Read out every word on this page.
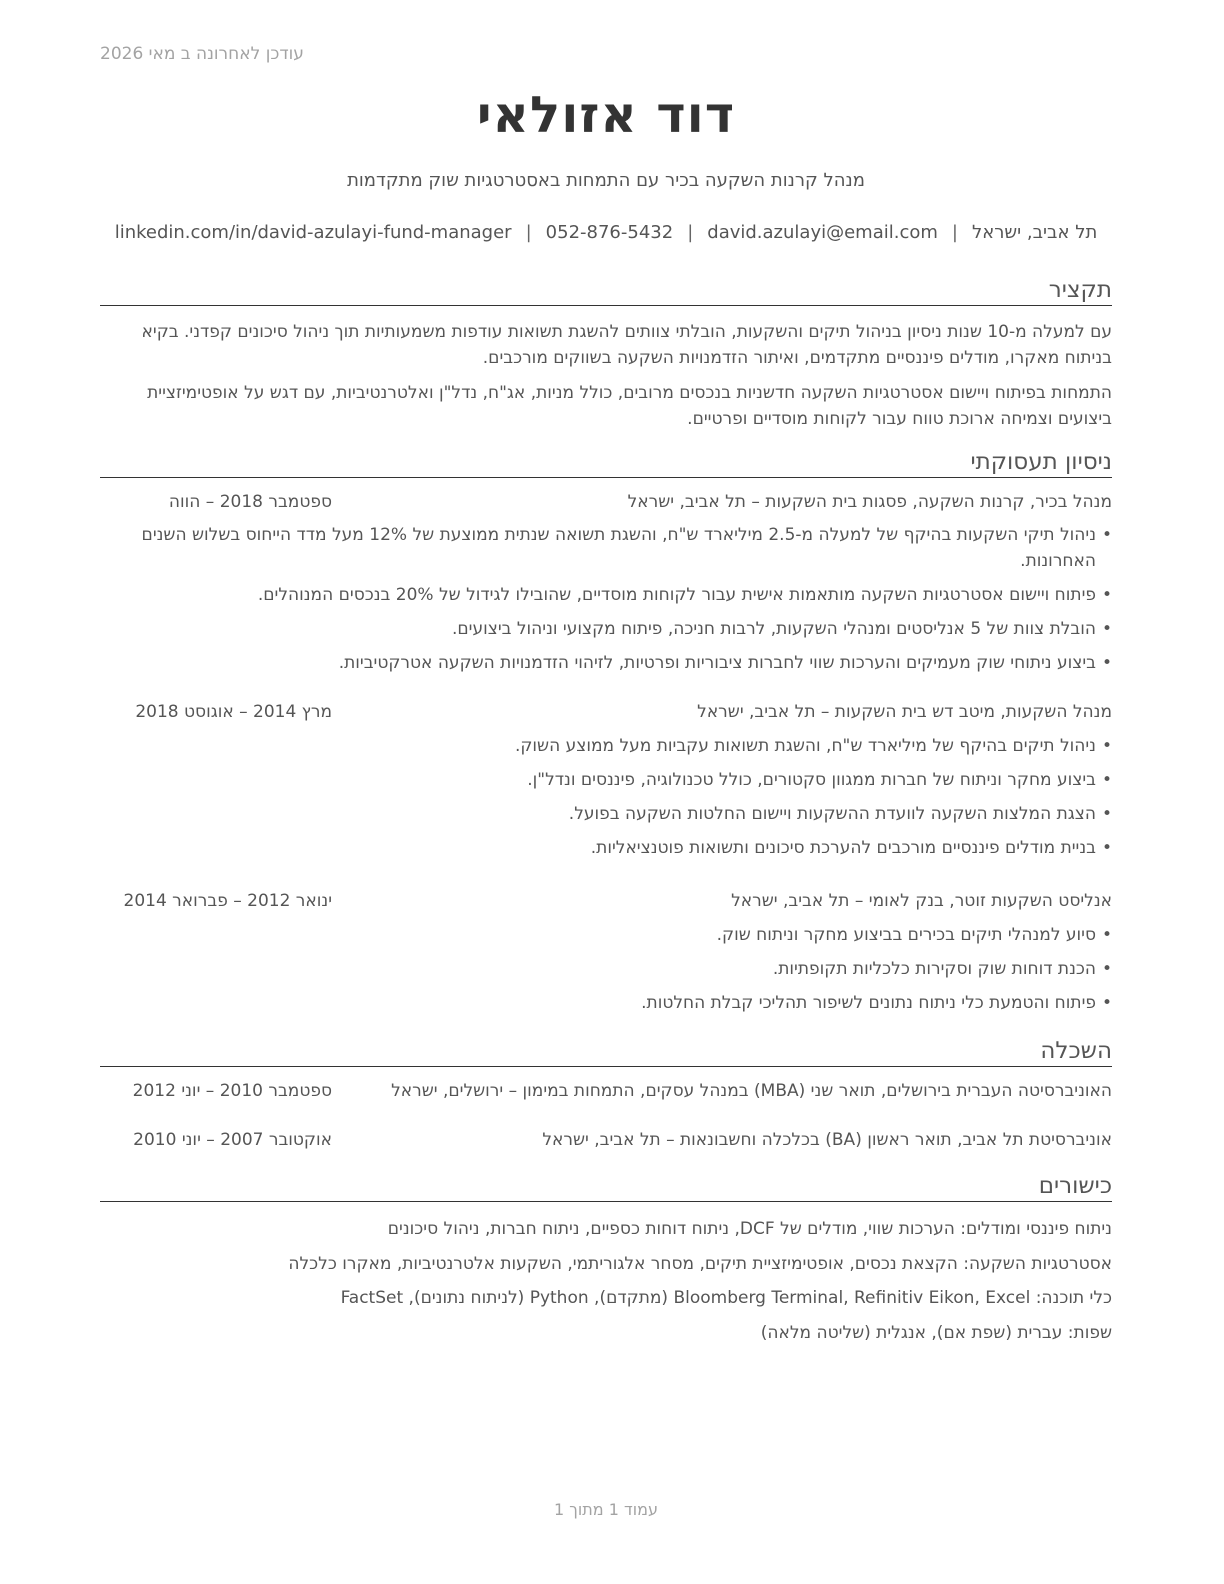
עודכן לאחרונה ב מאי 2026
דוד אזולאי
מנהל קרנות השקעה בכיר עם התמחות באסטרטגיות שוק מתקדמות
תל אביב, ישראל|david.azulayi@email.com|052-876-5432|linkedin.com/in/david-azulayi-fund-manager
תקציר

עם למעלה מ-10 שנות ניסיון בניהול תיקים והשקעות, הובלתי צוותים להשגת תשואות עודפות משמעותיות תוך ניהול סיכונים קפדני. בקיא בניתוח מאקרו, מודלים פיננסיים מתקדמים, ואיתור הזדמנויות השקעה בשווקים מורכבים.

התמחות בפיתוח ויישום אסטרטגיות השקעה חדשניות בנכסים מרובים, כולל מניות, אג"ח, נדל"ן ואלטרנטיביות, עם דגש על אופטימיזציית ביצועים וצמיחה ארוכת טווח עבור לקוחות מוסדיים ופרטיים.

ניסיון תעסוקתי
מנהל בכיר, קרנות השקעה, פסגות בית השקעות – תל אביב, ישראל
ספטמבר 2018 – הווה
•
ניהול תיקי השקעות בהיקף של למעלה מ-2.5 מיליארד ש"ח, והשגת תשואה שנתית ממוצעת של 12% מעל מדד הייחוס בשלוש השנים האחרונות.
•
פיתוח ויישום אסטרטגיות השקעה מותאמות אישית עבור לקוחות מוסדיים, שהובילו לגידול של 20% בנכסים המנוהלים.
•
הובלת צוות של 5 אנליסטים ומנהלי השקעות, לרבות חניכה, פיתוח מקצועי וניהול ביצועים.
•
ביצוע ניתוחי שוק מעמיקים והערכות שווי לחברות ציבוריות ופרטיות, לזיהוי הזדמנויות השקעה אטרקטיביות.
מנהל השקעות, מיטב דש בית השקעות – תל אביב, ישראל
מרץ 2014 – אוגוסט 2018
•
ניהול תיקים בהיקף של מיליארד ש"ח, והשגת תשואות עקביות מעל ממוצע השוק.
•
ביצוע מחקר וניתוח של חברות ממגוון סקטורים, כולל טכנולוגיה, פיננסים ונדל"ן.
•
הצגת המלצות השקעה לוועדת ההשקעות ויישום החלטות השקעה בפועל.
•
בניית מודלים פיננסיים מורכבים להערכת סיכונים ותשואות פוטנציאליות.
אנליסט השקעות זוטר, בנק לאומי – תל אביב, ישראל
ינואר 2012 – פברואר 2014
•
סיוע למנהלי תיקים בכירים בביצוע מחקר וניתוח שוק.
•
הכנת דוחות שוק וסקירות כלכליות תקופתיות.
•
פיתוח והטמעת כלי ניתוח נתונים לשיפור תהליכי קבלת החלטות.
השכלה
האוניברסיטה העברית בירושלים, תואר שני (MBA) במנהל עסקים, התמחות במימון – ירושלים, ישראל
ספטמבר 2010 – יוני 2012
אוניברסיטת תל אביב, תואר ראשון (BA) בכלכלה וחשבונאות – תל אביב, ישראל
אוקטובר 2007 – יוני 2010
כישורים
ניתוח פיננסי ומודלים: הערכות שווי, מודלים של DCF, ניתוח דוחות כספיים, ניתוח חברות, ניהול סיכונים
אסטרטגיות השקעה: הקצאת נכסים, אופטימיזציית תיקים, מסחר אלגוריתמי, השקעות אלטרנטיביות, מאקרו כלכלה
כלי תוכנה: Bloomberg Terminal, Refinitiv Eikon, Excel (מתקדם), Python (לניתוח נתונים), FactSet
שפות: עברית (שפת אם), אנגלית (שליטה מלאה)
עמוד 1 מתוך 1
